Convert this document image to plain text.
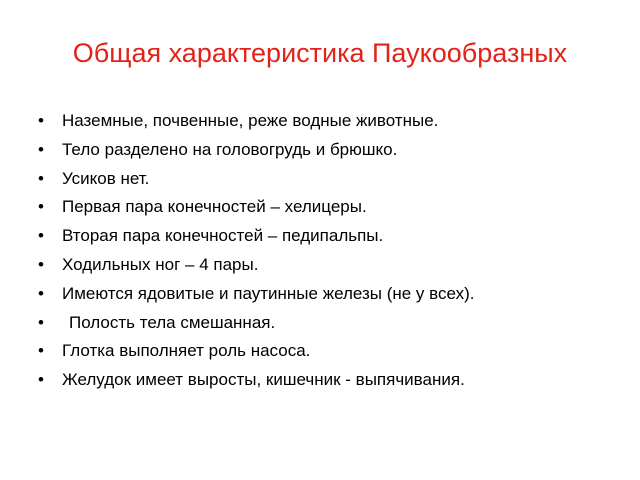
Общая характеристика Паукообразных
•	Наземные, почвенные, реже водные животные.
•	Тело разделено на головогрудь и брюшко.
•	Усиков нет.
•	Первая пара конечностей – хелицеры.
•	Вторая пара конечностей – педипальпы.
•	Ходильных ног – 4 пары.
•	Имеются ядовитые и паутинные железы (не у всех).
•	Полость тела смешанная.
•	Глотка выполняет роль насоса.
•	Желудок имеет выросты, кишечник - выпячивания.
